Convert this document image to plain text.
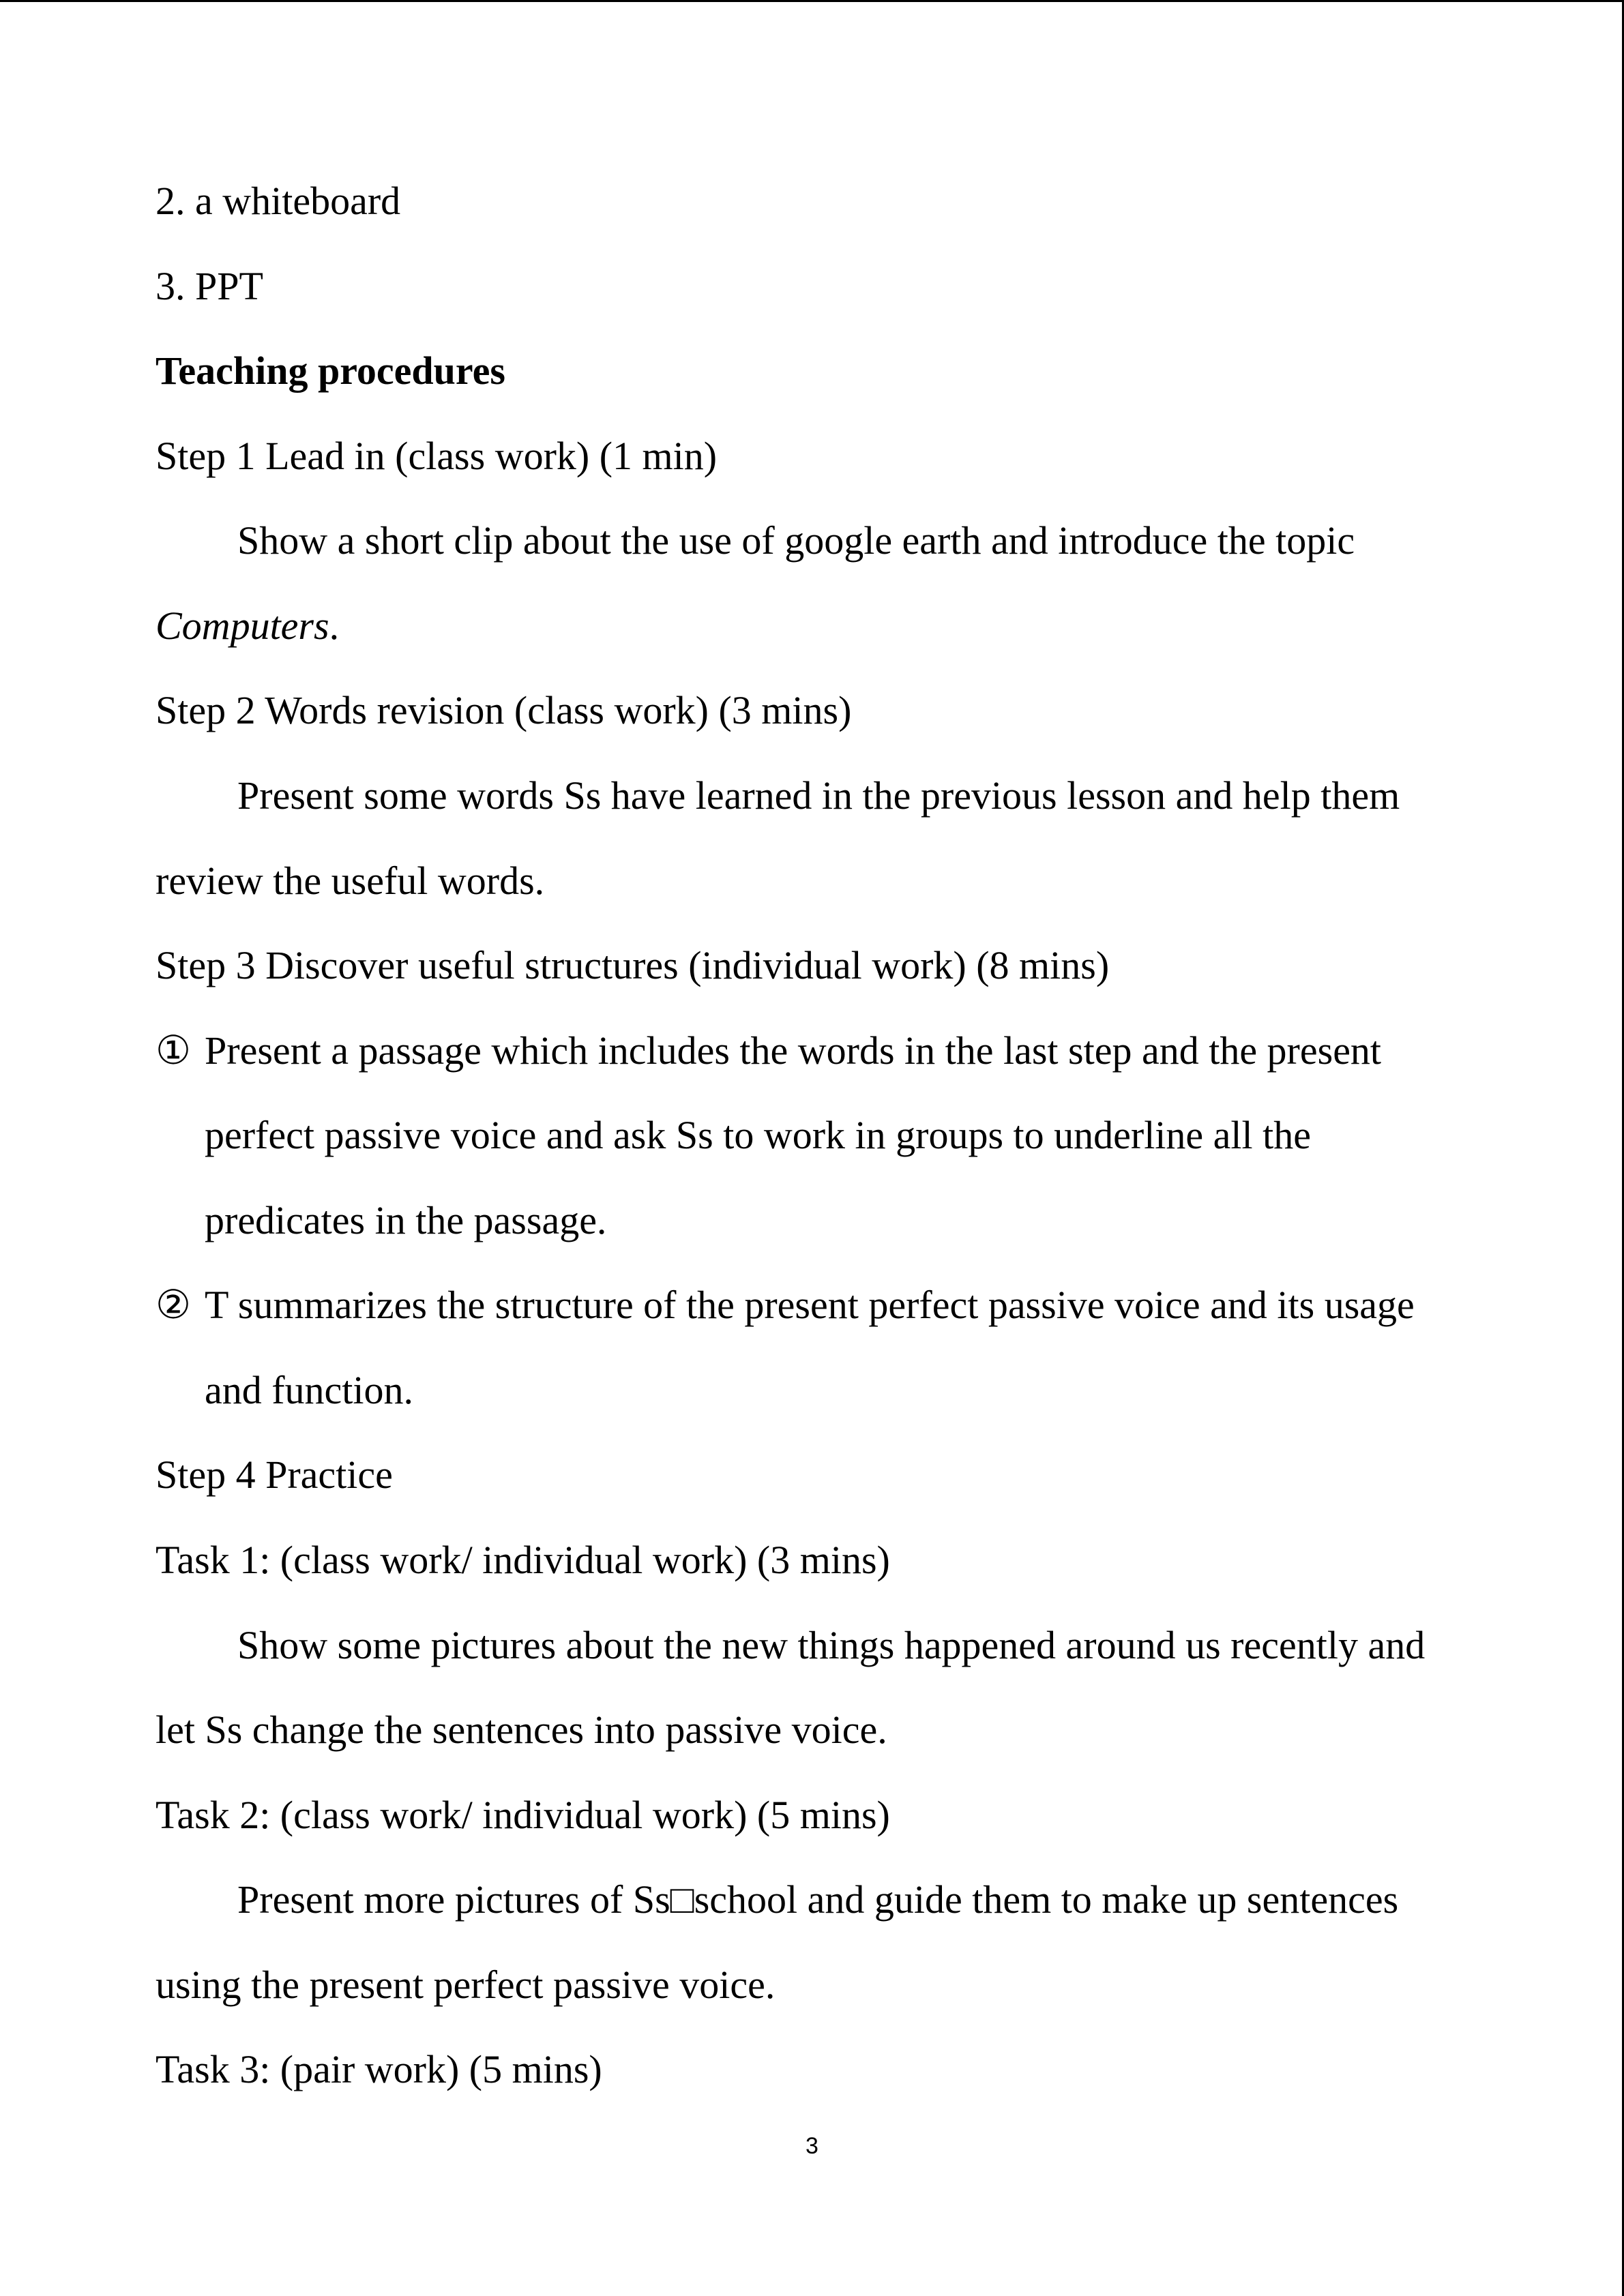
2. a whiteboard
3. PPT
Teaching procedures
Step 1 Lead in (class work) (1 min)
Show a short clip about the use of google earth and introduce the topic
Computers.
Step 2 Words revision (class work) (3 mins)
Present some words Ss have learned in the previous lesson and help them
review the useful words.
Step 3 Discover useful structures (individual work) (8 mins)
① Present a passage which includes the words in the last step and the present
perfect passive voice and ask Ss to work in groups to underline all the
predicates in the passage.
② T summarizes the structure of the present perfect passive voice and its usage
and function.
Step 4 Practice
Task 1: (class work/ individual work) (3 mins)
Show some pictures about the new things happened around us recently and
let Ss change the sentences into passive voice.
Task 2: (class work/ individual work) (5 mins)
Present more pictures of Ss□school and guide them to make up sentences
using the present perfect passive voice.
Task 3: (pair work) (5 mins)
3
